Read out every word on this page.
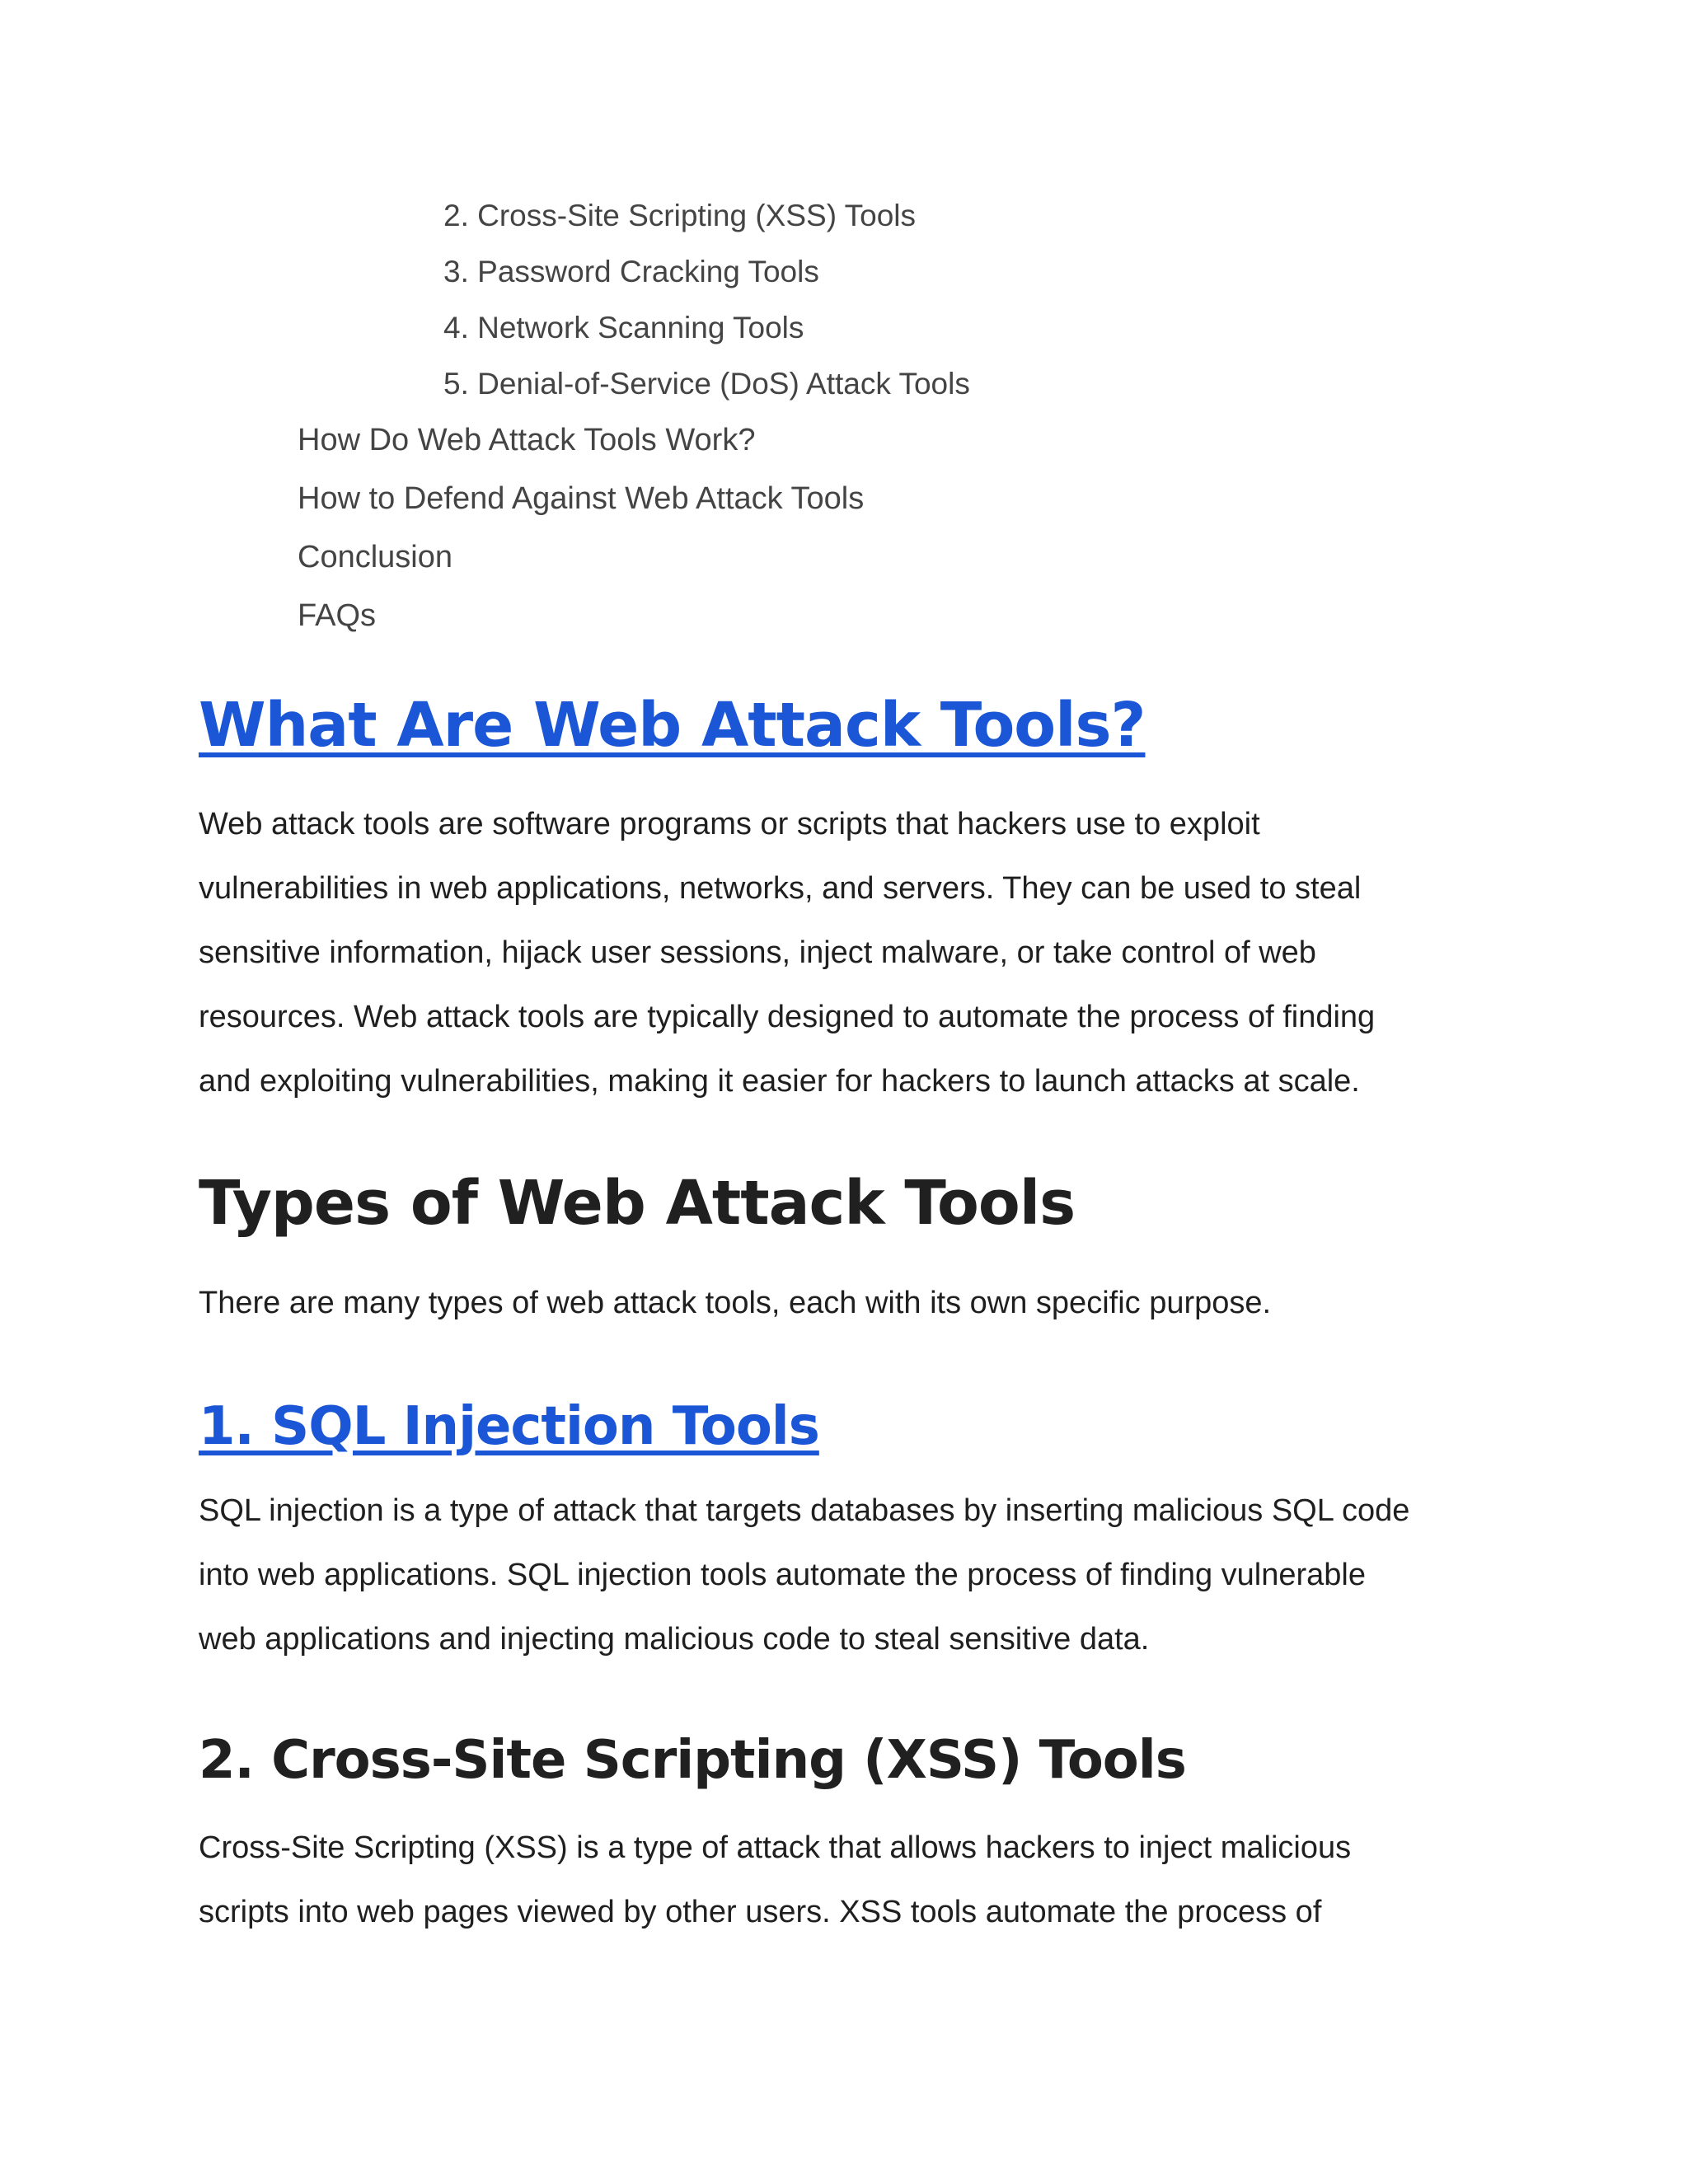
2. Cross-Site Scripting (XSS) Tools
3. Password Cracking Tools
4. Network Scanning Tools
5. Denial-of-Service (DoS) Attack Tools
How Do Web Attack Tools Work?
How to Defend Against Web Attack Tools
Conclusion
FAQs
What Are Web Attack Tools?
Web attack tools are software programs or scripts that hackers use to exploit
vulnerabilities in web applications, networks, and servers. They can be used to steal
sensitive information, hijack user sessions, inject malware, or take control of web
resources. Web attack tools are typically designed to automate the process of finding
and exploiting vulnerabilities, making it easier for hackers to launch attacks at scale.
Types of Web Attack Tools
There are many types of web attack tools, each with its own specific purpose.
1. SQL Injection Tools
SQL injection is a type of attack that targets databases by inserting malicious SQL code
into web applications. SQL injection tools automate the process of finding vulnerable
web applications and injecting malicious code to steal sensitive data.
2. Cross-Site Scripting (XSS) Tools
Cross-Site Scripting (XSS) is a type of attack that allows hackers to inject malicious
scripts into web pages viewed by other users. XSS tools automate the process of
